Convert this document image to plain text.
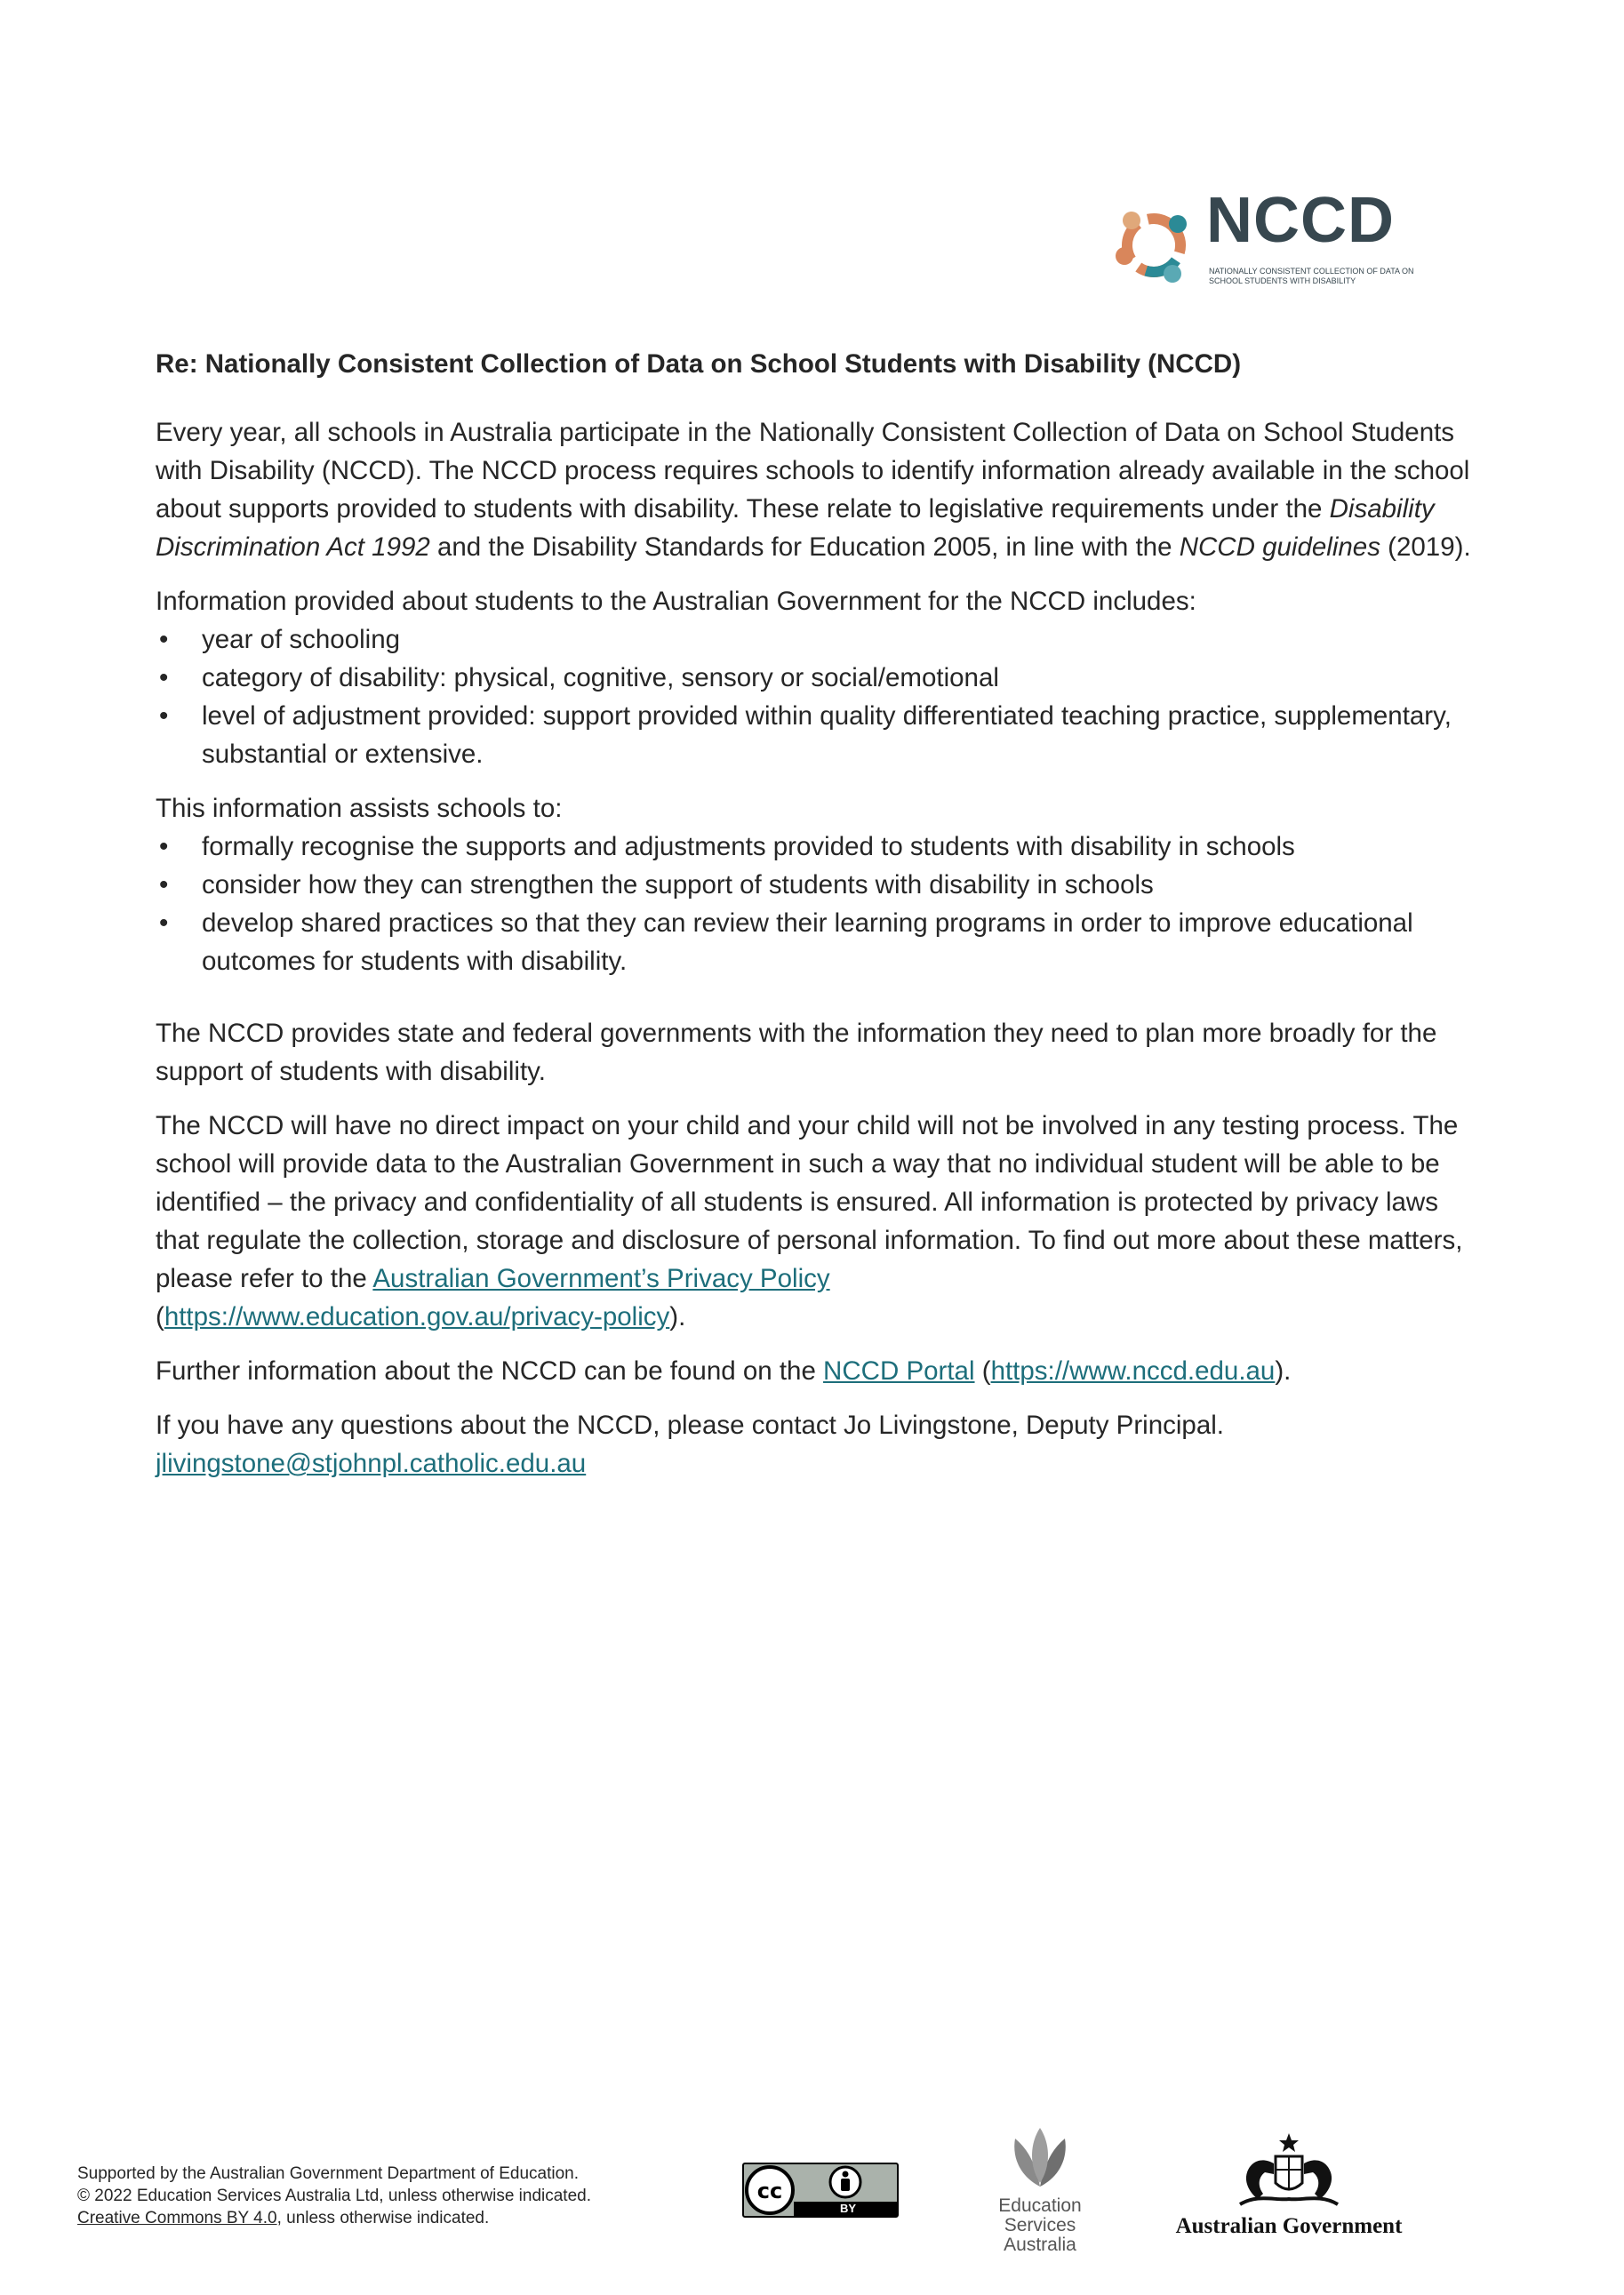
NCCD
NATIONALLY CONSISTENT COLLECTION OF DATA ON SCHOOL STUDENTS WITH DISABILITY

Re: Nationally Consistent Collection of Data on School Students with Disability (NCCD)

Every year, all schools in Australia participate in the Nationally Consistent Collection of Data on School Students with Disability (NCCD). The NCCD process requires schools to identify information already available in the school about supports provided to students with disability. These relate to legislative requirements under the Disability Discrimination Act 1992 and the Disability Standards for Education 2005, in line with the NCCD guidelines (2019).

Information provided about students to the Australian Government for the NCCD includes:

• year of schooling
• category of disability: physical, cognitive, sensory or social/emotional
• level of adjustment provided: support provided within quality differentiated teaching practice, supplementary, substantial or extensive.

This information assists schools to:

• formally recognise the supports and adjustments provided to students with disability in schools
• consider how they can strengthen the support of students with disability in schools
• develop shared practices so that they can review their learning programs in order to improve educational outcomes for students with disability.

The NCCD provides state and federal governments with the information they need to plan more broadly for the support of students with disability.

The NCCD will have no direct impact on your child and your child will not be involved in any testing process. The school will provide data to the Australian Government in such a way that no individual student will be able to be identified – the privacy and confidentiality of all students is ensured. All information is protected by privacy laws that regulate the collection, storage and disclosure of personal information. To find out more about these matters, please refer to the Australian Government’s Privacy Policy
(https://www.education.gov.au/privacy-policy).

Further information about the NCCD can be found on the NCCD Portal (https://www.nccd.edu.au).

If you have any questions about the NCCD, please contact Jo Livingstone, Deputy Principal.
jlivingstone@stjohnpl.catholic.edu.au

Supported by the Australian Government Department of Education.
© 2022 Education Services Australia Ltd, unless otherwise indicated.
Creative Commons BY 4.0, unless otherwise indicated.
cc
BY	Education
Services
Australia
Australian Government
